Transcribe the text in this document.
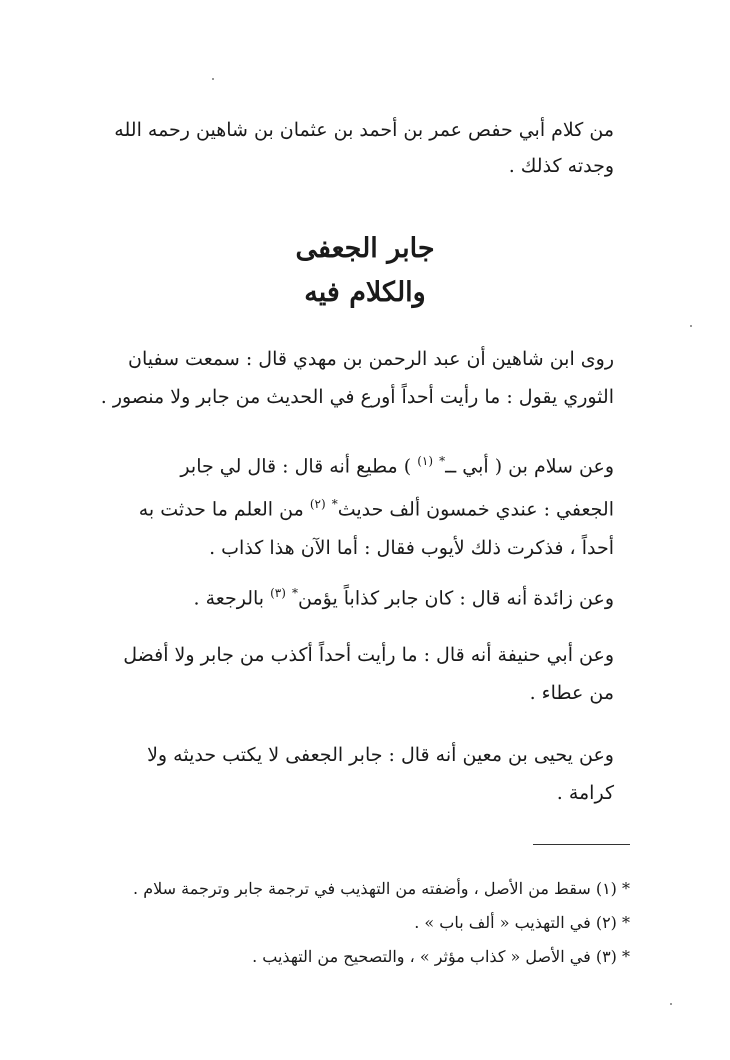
من كلام أبي حفص عمر بن أحمد بن عثمان بن شاهين رحمه الله
وجدته كذلك .
جابر الجعفى
والكلام فيه
روى ابن شاهين أن عبد الرحمن بن مهدي قال : سمعت سفيان
الثوري يقول : ما رأيت أحداً أورع في الحديث من جابر ولا منصور .
وعن سلام بن ( أبي ــ* $^{(١)}$ ) مطيع أنه قال : قال لي جابر
الجعفي : عندي خمسون ألف حديث* $^{(٢)}$ من العلم ما حدثت به
أحداً ، فذكرت ذلك لأيوب فقال : أما الآن هذا كذاب .
وعن زائدة أنه قال : كان جابر كذاباً يؤمن* $^{(٣)}$ بالرجعة .
وعن أبي حنيفة أنه قال : ما رأيت أحداً أكذب من جابر ولا أفضل
من عطاء .
وعن يحيى بن معين أنه قال : جابر الجعفى لا يكتب حديثه ولا
كرامة .
* (١) سقط من الأصل ، وأضفته من التهذيب في ترجمة جابر وترجمة سلام .
* (٢) في التهذيب « ألف باب » .
* (٣) في الأصل « كذاب مؤثر » ، والتصحيح من التهذيب .
